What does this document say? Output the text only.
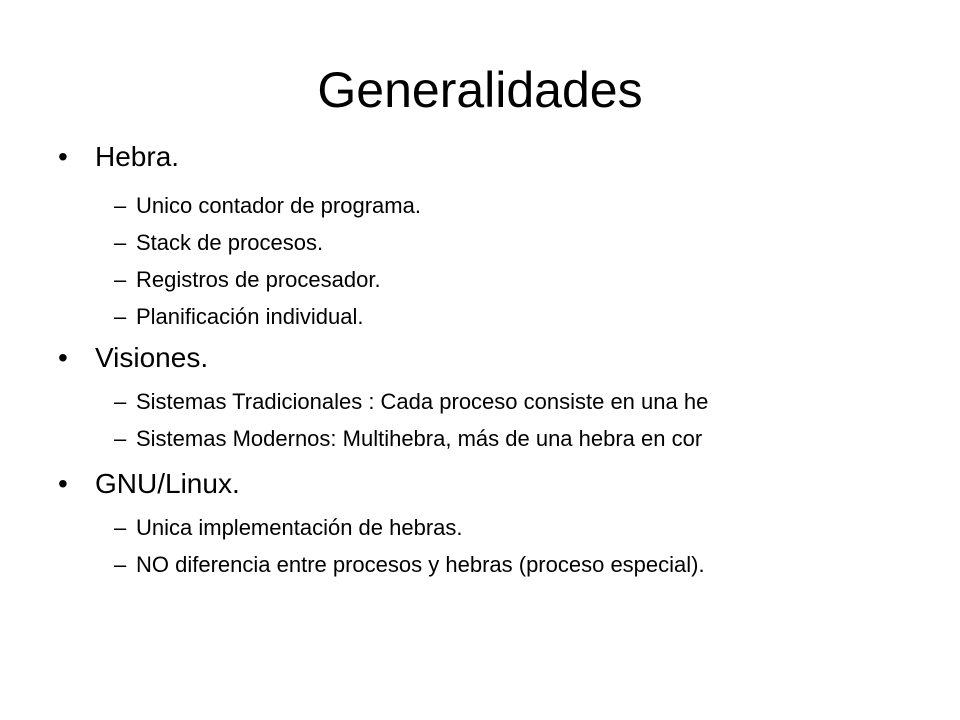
Generalidades
• Hebra.
– Unico contador de programa.
– Stack de procesos.
– Registros de procesador.
– Planificación individual.
• Visiones.
– Sistemas Tradicionales : Cada proceso consiste en una he
– Sistemas Modernos: Multihebra, más de una hebra en cor
• GNU/Linux.
– Unica implementación de hebras.
– NO diferencia entre procesos y hebras (proceso especial).
